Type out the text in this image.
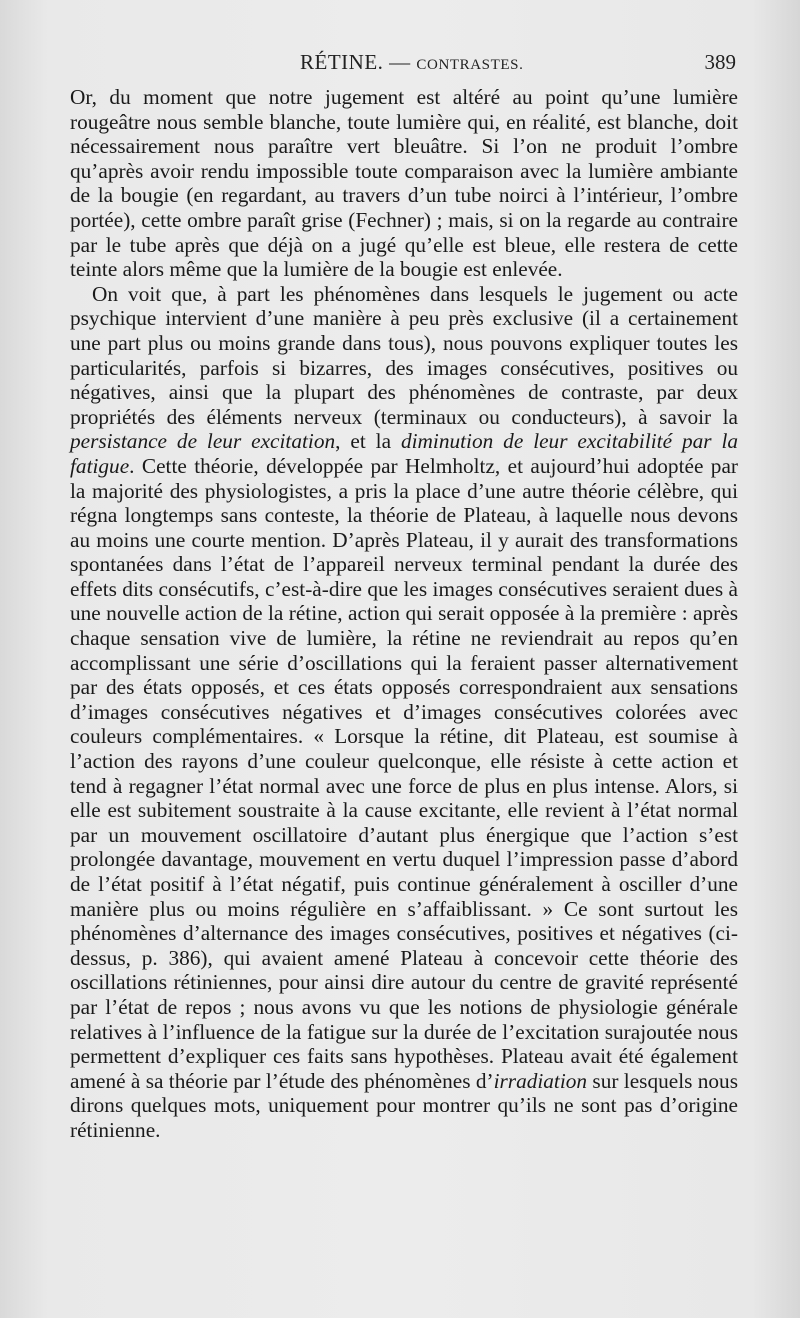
RÉTINE. — CONTRASTES.	389

Or, du moment que notre jugement est altéré au point qu’une lumière rougeâtre nous semble blanche, toute lumière qui, en réalité, est blanche, doit nécessairement nous paraître vert bleuâtre. Si l’on ne produit l’ombre qu’après avoir rendu impossible toute comparaison avec la lumière ambiante de la bougie (en regardant, au travers d’un tube noirci à l’intérieur, l’ombre portée), cette ombre paraît grise (Fechner) ; mais, si on la regarde au contraire par le tube après que déjà on a jugé qu’elle est bleue, elle restera de cette teinte alors même que la lumière de la bougie est enlevée.

On voit que, à part les phénomènes dans lesquels le jugement ou acte psychique intervient d’une manière à peu près exclusive (il a certainement une part plus ou moins grande dans tous), nous pouvons expliquer toutes les particularités, parfois si bizarres, des images consécutives, positives ou négatives, ainsi que la plupart des phénomènes de contraste, par deux propriétés des éléments nerveux (terminaux ou conducteurs), à savoir la persistance de leur excitation, et la diminution de leur excitabilité par la fatigue. Cette théorie, développée par Helmholtz, et aujourd’hui adoptée par la majorité des physiologistes, a pris la place d’une autre théorie célèbre, qui régna longtemps sans conteste, la théorie de Plateau, à laquelle nous devons au moins une courte mention. D’après Plateau, il y aurait des transformations spontanées dans l’état de l’appareil nerveux terminal pendant la durée des effets dits consécutifs, c’est-à-dire que les images consécutives seraient dues à une nouvelle action de la rétine, action qui serait opposée à la première : après chaque sensation vive de lumière, la rétine ne reviendrait au repos qu’en accomplissant une série d’oscillations qui la feraient passer alternativement par des états opposés, et ces états opposés correspondraient aux sensations d’images consécutives négatives et d’images consécutives colorées avec couleurs complémentaires. « Lorsque la rétine, dit Plateau, est soumise à l’action des rayons d’une couleur quelconque, elle résiste à cette action et tend à regagner l’état normal avec une force de plus en plus intense. Alors, si elle est subitement soustraite à la cause excitante, elle revient à l’état normal par un mouvement oscillatoire d’autant plus énergique que l’action s’est prolongée davantage, mouvement en vertu duquel l’impression passe d’abord de l’état positif à l’état négatif, puis continue généralement à osciller d’une manière plus ou moins régulière en s’affaiblissant. » Ce sont surtout les phénomènes d’alternance des images consécutives, positives et négatives (ci-dessus, p. 386), qui avaient amené Plateau à concevoir cette théorie des oscillations rétiniennes, pour ainsi dire autour du centre de gravité représenté par l’état de repos ; nous avons vu que les notions de physiologie générale relatives à l’influence de la fatigue sur la durée de l’excitation surajoutée nous permettent d’expliquer ces faits sans hypothèses. Plateau avait été également amené à sa théorie par l’étude des phénomènes d’irradiation sur lesquels nous dirons quelques mots, uniquement pour montrer qu’ils ne sont pas d’origine rétinienne.
